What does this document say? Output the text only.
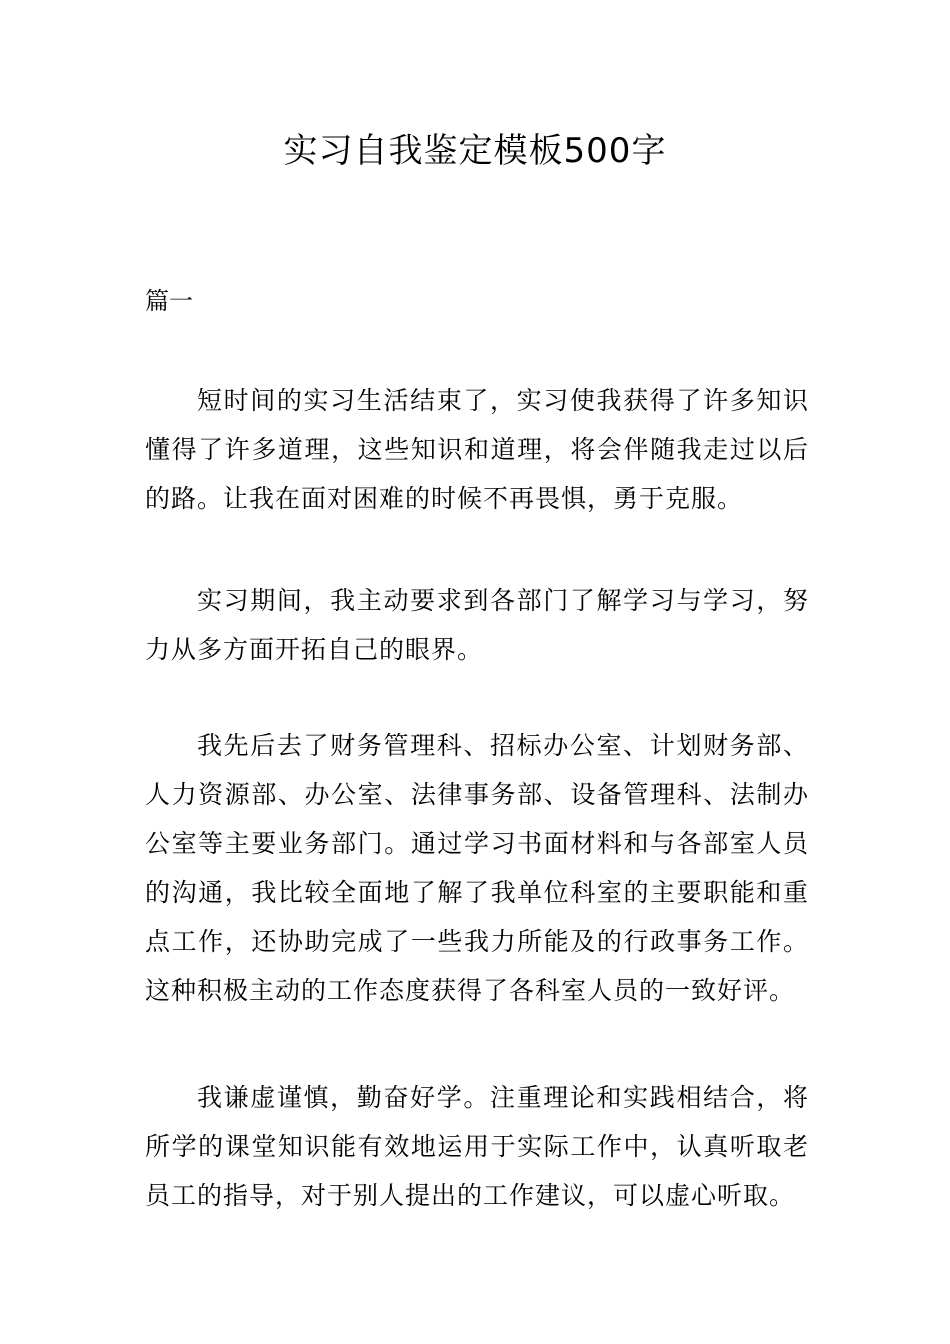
实习自我鉴定模板500字

篇一

短时间的实习生活结束了，实习使我获得了许多知识懂得了许多道理，这些知识和道理，将会伴随我走过以后的路。让我在面对困难的时候不再畏惧，勇于克服。

实习期间，我主动要求到各部门了解学习与学习，努力从多方面开拓自己的眼界。

我先后去了财务管理科、招标办公室、计划财务部、人力资源部、办公室、法律事务部、设备管理科、法制办公室等主要业务部门。通过学习书面材料和与各部室人员的沟通，我比较全面地了解了我单位科室的主要职能和重点工作，还协助完成了一些我力所能及的行政事务工作。这种积极主动的工作态度获得了各科室人员的一致好评。

我谦虚谨慎，勤奋好学。注重理论和实践相结合，将所学的课堂知识能有效地运用于实际工作中，认真听取老员工的指导，对于别人提出的工作建议，可以虚心听取。
